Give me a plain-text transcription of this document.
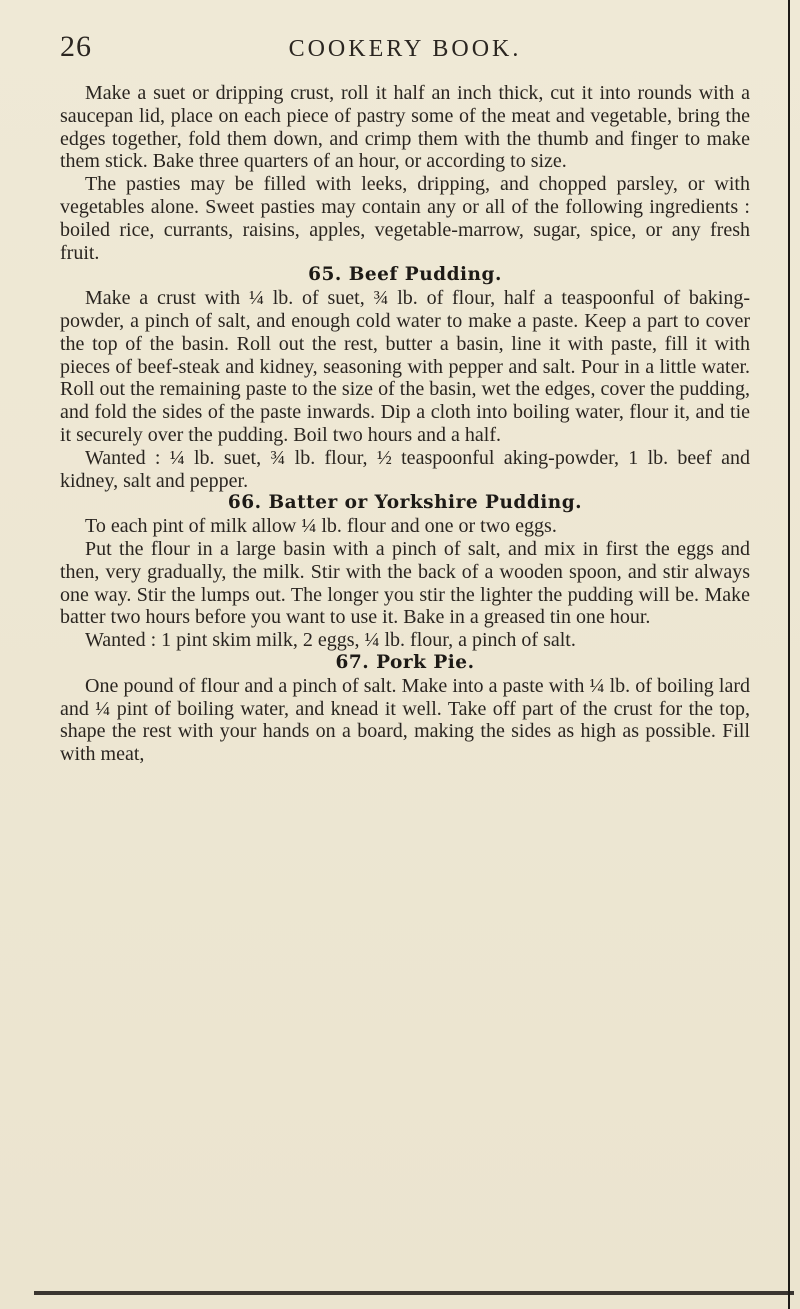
26	COOKERY BOOK.

Make a suet or dripping crust, roll it half an inch thick, cut it into rounds with a saucepan lid, place on each piece of pastry some of the meat and vegetable, bring the edges together, fold them down, and crimp them with the thumb and finger to make them stick. Bake three quarters of an hour, or according to size.

The pasties may be filled with leeks, dripping, and chopped parsley, or with vegetables alone. Sweet pasties may contain any or all of the following ingredients : boiled rice, currants, raisins, apples, vegetable-marrow, sugar, spice, or any fresh fruit.

65. Beef Pudding.

Make a crust with ¼ lb. of suet, ¾ lb. of flour, half a teaspoonful of baking-powder, a pinch of salt, and enough cold water to make a paste. Keep a part to cover the top of the basin. Roll out the rest, butter a basin, line it with paste, fill it with pieces of beef-steak and kidney, seasoning with pepper and salt. Pour in a little water. Roll out the remaining paste to the size of the basin, wet the edges, cover the pudding, and fold the sides of the paste inwards. Dip a cloth into boiling water, flour it, and tie it securely over the pudding. Boil two hours and a half.

Wanted : ¼ lb. suet, ¾ lb. flour, ½ teaspoonful aking-powder, 1 lb. beef and kidney, salt and pepper.

66. Batter or Yorkshire Pudding.

To each pint of milk allow ¼ lb. flour and one or two eggs.

Put the flour in a large basin with a pinch of salt, and mix in first the eggs and then, very gradually, the milk. Stir with the back of a wooden spoon, and stir always one way. Stir the lumps out. The longer you stir the lighter the pudding will be. Make batter two hours before you want to use it. Bake in a greased tin one hour.

Wanted : 1 pint skim milk, 2 eggs, ¼ lb. flour, a pinch of salt.

67. Pork Pie.

One pound of flour and a pinch of salt. Make into a paste with ¼ lb. of boiling lard and ¼ pint of boiling water, and knead it well. Take off part of the crust for the top, shape the rest with your hands on a board, making the sides as high as possible. Fill with meat,
